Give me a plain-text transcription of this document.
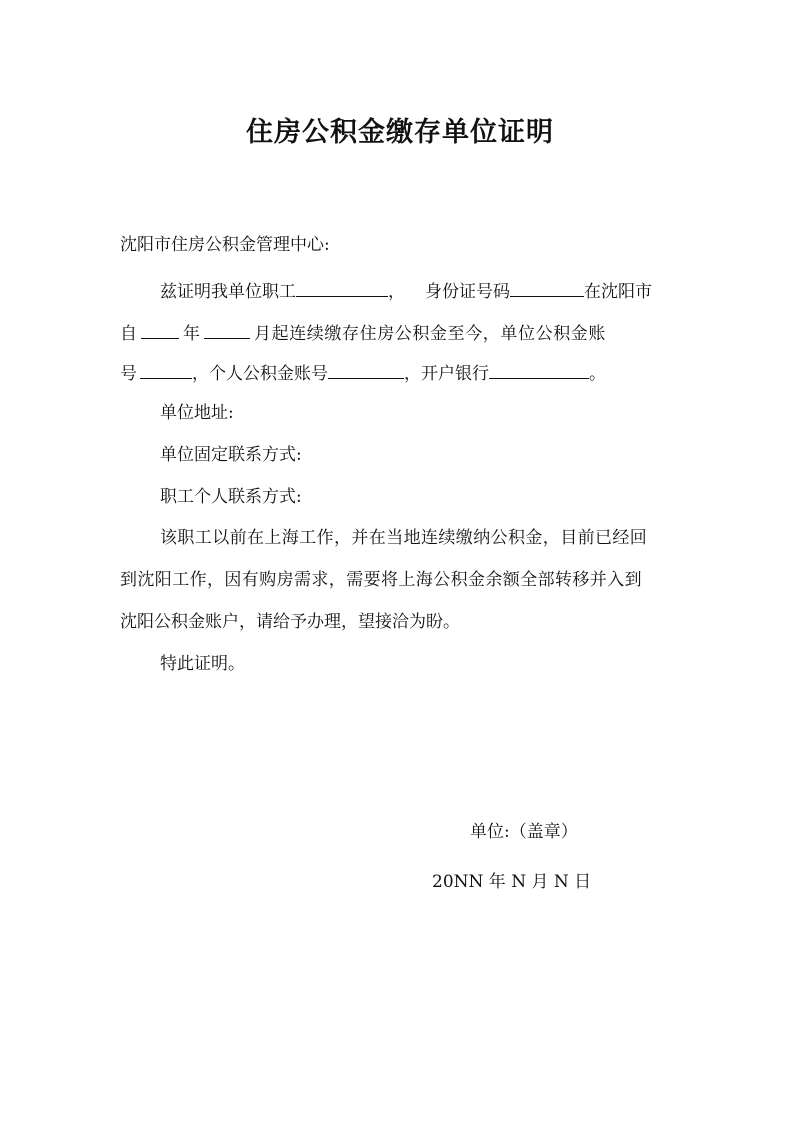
住房公积金缴存单位证明
沈阳市住房公积金管理中心:
兹证明我单位职工	， 身份证号码	在沈阳市
自	年	月起连续缴存住房公积金至今，单位公积金账
号	，个人公积金账号	，开户银行	。
单位地址:
单位固定联系方式:
职工个人联系方式:
该职工以前在上海工作，并在当地连续缴纳公积金，目前已经回
到沈阳工作，因有购房需求，需要将上海公积金余额全部转移并入到
沈阳公积金账户，请给予办理，望接洽为盼。
特此证明。
单位:（盖章）
20NN 年 N 月 N 日
